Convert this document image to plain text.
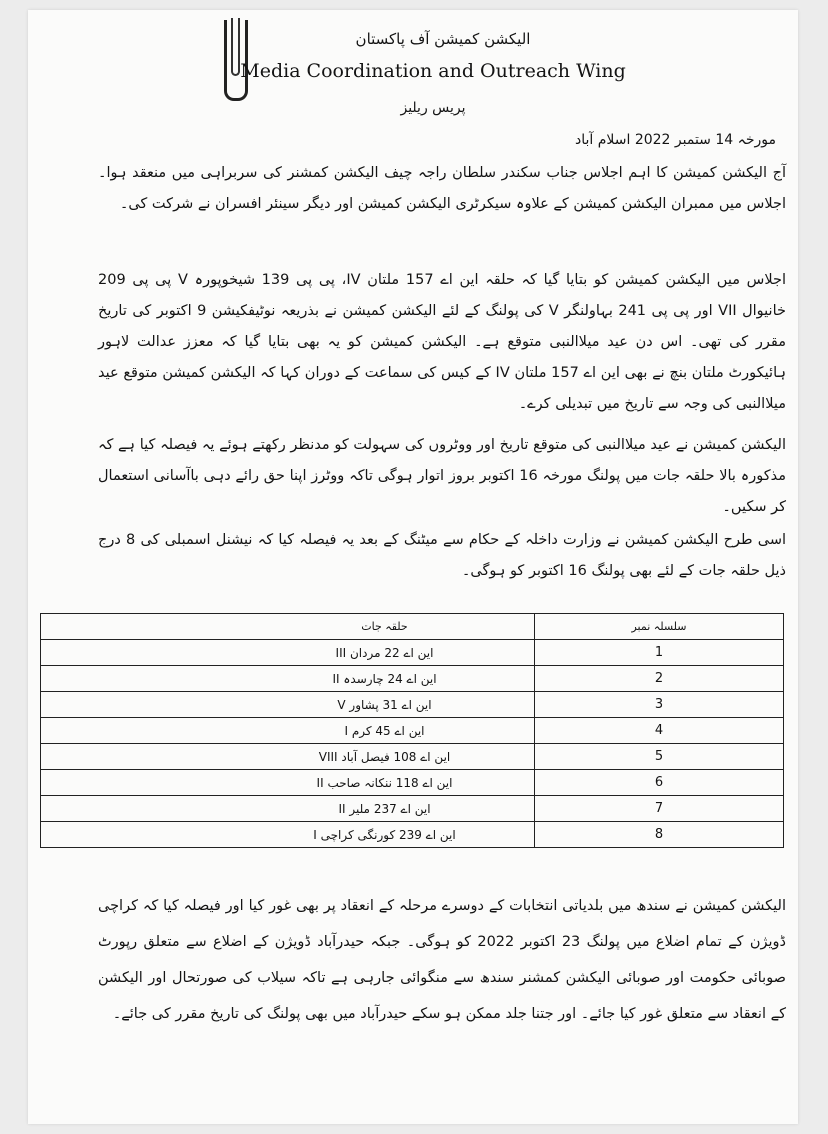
الیکشن کمیشن آف پاکستان
Media Coordination and Outreach Wing
پریس ریلیز
مورخہ 14 ستمبر 2022 اسلام آباد
آج الیکشن کمیشن کا اہم اجلاس جناب سکندر سلطان راجہ چیف الیکشن کمشنر کی سربراہی میں منعقد ہوا۔ اجلاس میں ممبران الیکشن کمیشن کے علاوہ سیکرٹری الیکشن کمیشن اور دیگر سینئر افسران نے شرکت کی۔
اجلاس میں الیکشن کمیشن کو بتایا گیا کہ حلقہ این اے 157 ملتان IV، پی پی 139 شیخوپورہ V پی پی 209 خانیوال VII اور پی پی 241 بہاولنگر V کی پولنگ کے لئے الیکشن کمیشن نے بذریعہ نوٹیفکیشن 9 اکتوبر کی تاریخ مقرر کی تھی۔ اس دن عید میلاالنبی متوقع ہے۔ الیکشن کمیشن کو یہ بھی بتایا گیا کہ معزز عدالت لاہور ہائیکورٹ ملتان بنچ نے بھی این اے 157 ملتان IV کے کیس کی سماعت کے دوران کہا کہ الیکشن کمیشن متوقع عید میلاالنبی کی وجہ سے تاریخ میں تبدیلی کرے۔
الیکشن کمیشن نے عید میلاالنبی کی متوقع تاریخ اور ووٹروں کی سہولت کو مدنظر رکھتے ہوئے یہ فیصلہ کیا ہے کہ مذکورہ بالا حلقہ جات میں پولنگ مورخہ 16 اکتوبر بروز اتوار ہوگی تاکہ ووٹرز اپنا حق رائے دہی باآسانی استعمال کر سکیں۔
اسی طرح الیکشن کمیشن نے وزارت داخلہ کے حکام سے میٹنگ کے بعد یہ فیصلہ کیا کہ نیشنل اسمبلی کی 8 درج ذیل حلقہ جات کے لئے بھی پولنگ 16 اکتوبر کو ہوگی۔
سلسلہ نمبر	حلقہ جات
1	این اے 22 مردان III
2	این اے 24 چارسدہ II
3	این اے 31 پشاور V
4	این اے 45 کرم I
5	این اے 108 فیصل آباد VIII
6	این اے 118 ننکانہ صاحب II
7	این اے 237 ملیر II
8	این اے 239 کورنگی کراچی I
الیکشن کمیشن نے سندھ میں بلدیاتی انتخابات کے دوسرے مرحلہ کے انعقاد پر بھی غور کیا اور فیصلہ کیا کہ کراچی ڈویژن کے تمام اضلاع میں پولنگ 23 اکتوبر 2022 کو ہوگی۔ جبکہ حیدرآباد ڈویژن کے اضلاع سے متعلق رپورٹ صوبائی حکومت اور صوبائی الیکشن کمشنر سندھ سے منگوائی جارہی ہے تاکہ سیلاب کی صورتحال اور الیکشن کے انعقاد سے متعلق غور کیا جائے۔ اور جتنا جلد ممکن ہو سکے حیدرآباد میں بھی پولنگ کی تاریخ مقرر کی جائے۔
